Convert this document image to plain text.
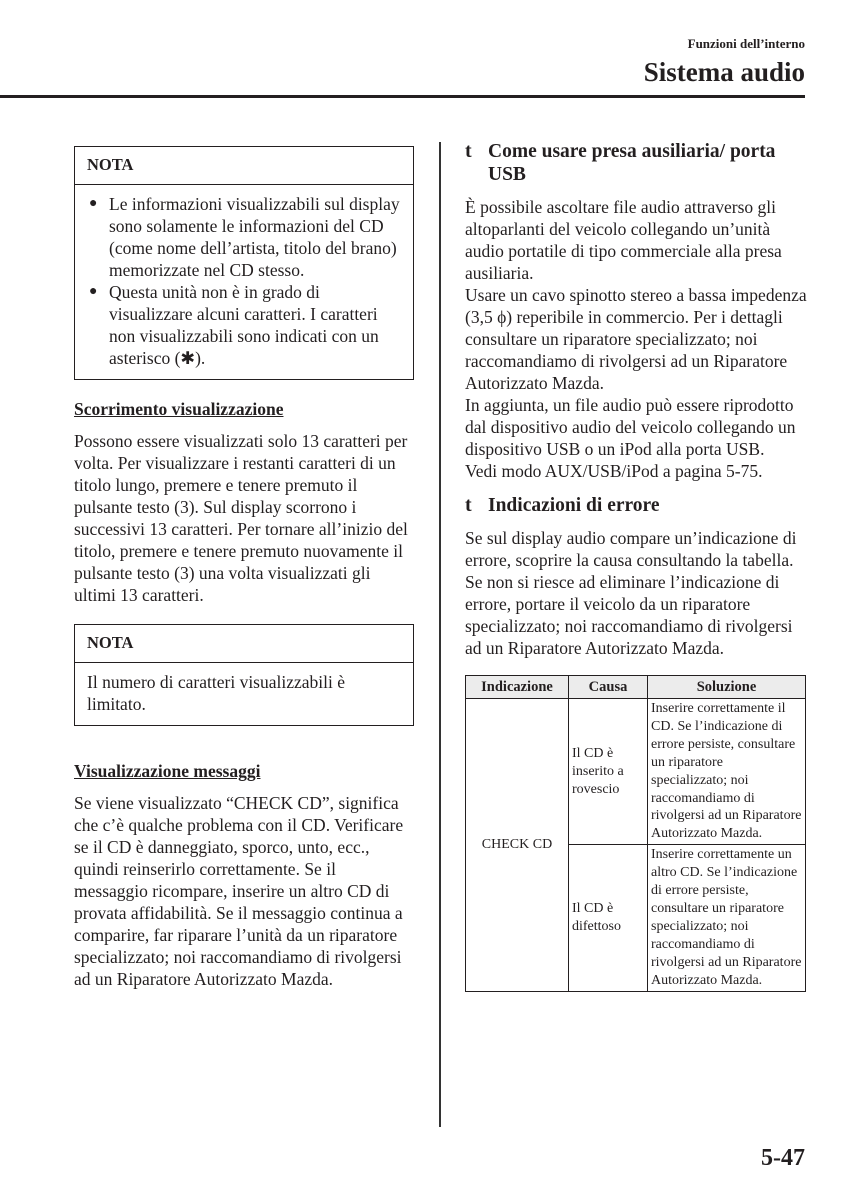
Funzioni dell’interno
Sistema audio
NOTA
● Le informazioni visualizzabili sul display sono solamente le informazioni del CD (come nome dell’artista, titolo del brano) memorizzate nel CD stesso.
● Questa unità non è in grado di visualizzare alcuni caratteri. I caratteri non visualizzabili sono indicati con un asterisco (✱).

Scorrimento visualizzazione

Possono essere visualizzati solo 13 caratteri per volta. Per visualizzare i restanti caratteri di un titolo lungo, premere e tenere premuto il pulsante testo (3). Sul display scorrono i successivi 13 caratteri. Per tornare all’inizio del titolo, premere e tenere premuto nuovamente il pulsante testo (3) una volta visualizzati gli ultimi 13 caratteri.

NOTA

Il numero di caratteri visualizzabili è limitato.

Visualizzazione messaggi

Se viene visualizzato “CHECK CD”, significa che c’è qualche problema con il CD. Verificare se il CD è danneggiato, sporco, unto, ecc., quindi reinserirlo correttamente. Se il messaggio ricompare, inserire un altro CD di provata affidabilità. Se il messaggio continua a comparire, far riparare l’unità da un riparatore specializzato; noi raccomandiamo di rivolgersi ad un Riparatore Autorizzato Mazda.

t Come usare presa ausiliaria/ porta USB

È possibile ascoltare file audio attraverso gli altoparlanti del veicolo collegando un’unità audio portatile di tipo commerciale alla presa ausiliaria.

Usare un cavo spinotto stereo a bassa impedenza (3,5 ϕ) reperibile in commercio. Per i dettagli consultare un riparatore specializzato; noi raccomandiamo di rivolgersi ad un Riparatore Autorizzato Mazda.

In aggiunta, un file audio può essere riprodotto dal dispositivo audio del veicolo collegando un dispositivo USB o un iPod alla porta USB.

Vedi modo AUX/USB/iPod a pagina 5-75.

t Indicazioni di errore

Se sul display audio compare un’indicazione di errore, scoprire la causa consultando la tabella. Se non si riesce ad eliminare l’indicazione di errore, portare il veicolo da un riparatore specializzato; noi raccomandiamo di rivolgersi ad un Riparatore Autorizzato Mazda.

Indicazione	Causa	Soluzione
CHECK CD	Il CD è inserito a rovescio	Inserire correttamente il CD. Se l’indicazione di errore persiste, consultare un riparatore specializzato; noi raccomandiamo di rivolgersi ad un Riparatore Autorizzato Mazda.
	Il CD è difettoso	Inserire correttamente un altro CD. Se l’indicazione di errore persiste, consultare un riparatore specializzato; noi raccomandiamo di rivolgersi ad un Riparatore Autorizzato Mazda.
5-47
